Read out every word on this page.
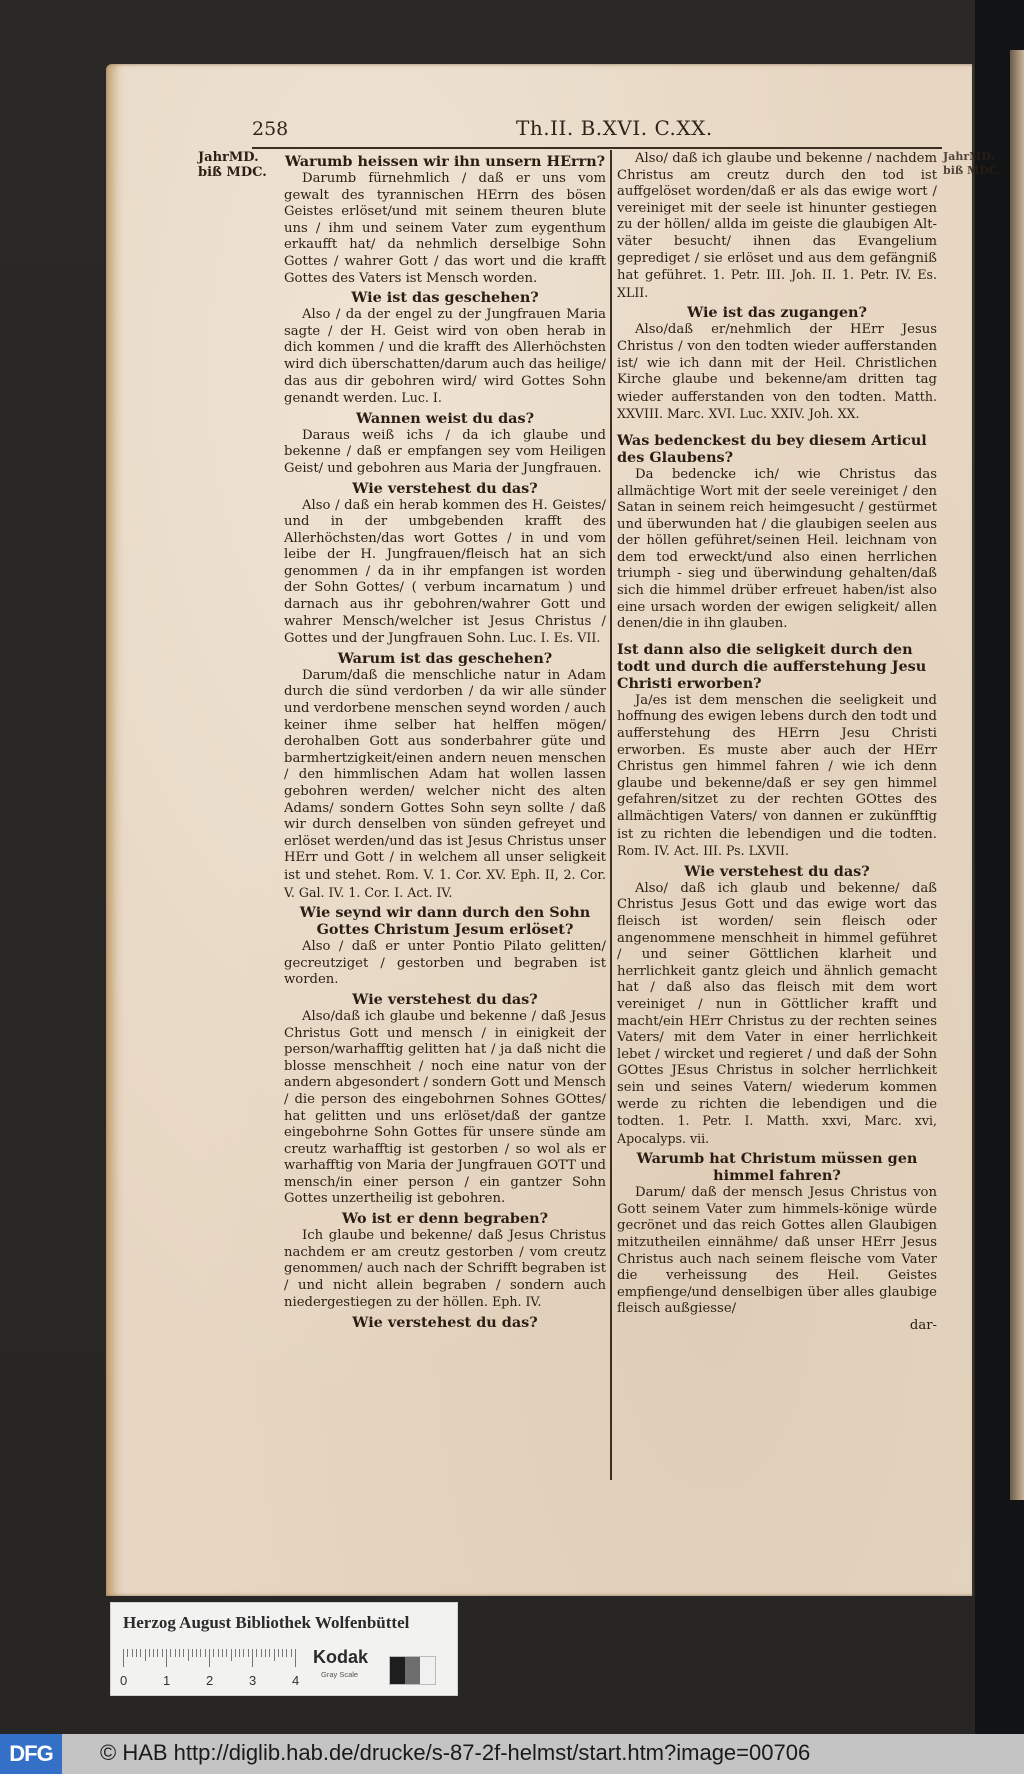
258	Th.II. B.XVI. C.XX.
JahrMD.
biß MDC.
JahrMD.
biß MDC.
Warumb heissen wir ihn unsern HErrn?
Darumb fürnehmlich / daß er uns vom gewalt des tyrannischen HErrn des bösen Geistes erlöset/und mit seinem theuren blute uns / ihm und seinem Vater zum eygenthum erkaufft hat/ da nehmlich derselbige Sohn Gottes / wahrer Gott / das wort und die krafft Gottes des Vaters ist Mensch worden.
Wie ist das geschehen?
Also / da der engel zu der Jungfrauen Maria sagte / der H. Geist wird von oben herab in dich kommen / und die krafft des Allerhöchsten wird dich überschatten/darum auch das heilige/ das aus dir gebohren wird/ wird Gottes Sohn genandt werden. Luc. I.
Wannen weist du das?
Daraus weiß ichs / da ich glaube und bekenne / daß er empfangen sey vom Heiligen Geist/ und gebohren aus Maria der Jungfrauen.
Wie verstehest du das?
Also / daß ein herab kommen des H. Geistes/ und in der umbgebenden krafft des Allerhöchsten/das wort Gottes / in und vom leibe der H. Jungfrauen/fleisch hat an sich genommen / da in ihr empfangen ist worden der Sohn Gottes/ ( verbum incarnatum ) und darnach aus ihr gebohren/wahrer Gott und wahrer Mensch/welcher ist Jesus Christus / Gottes und der Jungfrauen Sohn. Luc. I. Es. VII.
Warum ist das geschehen?
Darum/daß die menschliche natur in Adam durch die sünd verdorben / da wir alle sünder und verdorbene menschen seynd worden / auch keiner ihme selber hat helffen mögen/ derohalben Gott aus sonderbahrer güte und barmhertzigkeit/einen andern neuen menschen / den himmlischen Adam hat wollen lassen gebohren werden/ welcher nicht des alten Adams/ sondern Gottes Sohn seyn sollte / daß wir durch denselben von sünden gefreyet und erlöset werden/und das ist Jesus Christus unser HErr und Gott / in welchem all unser seligkeit ist und stehet. Rom. V. 1. Cor. XV. Eph. II, 2. Cor. V. Gal. IV. 1. Cor. I. Act. IV.
Wie seynd wir dann durch den Sohn Gottes Christum Jesum erlöset?
Also / daß er unter Pontio Pilato gelitten/ gecreutziget / gestorben und begraben ist worden.
Wie verstehest du das?
Also/daß ich glaube und bekenne / daß Jesus Christus Gott und mensch / in einigkeit der person/warhafftig gelitten hat / ja daß nicht die blosse menschheit / noch eine natur von der andern abgesondert / sondern Gott und Mensch / die person des eingebohrnen Sohnes GOttes/ hat gelitten und uns erlöset/daß der gantze eingebohrne Sohn Gottes für unsere sünde am creutz warhafftig ist gestorben / so wol als er warhafftig von Maria der Jungfrauen GOTT und mensch/in einer person / ein gantzer Sohn Gottes unzertheilig ist gebohren.
Wo ist er denn begraben?
Ich glaube und bekenne/ daß Jesus Christus nachdem er am creutz gestorben / vom creutz genommen/ auch nach der Schrifft begraben ist / und nicht allein begraben / sondern auch niedergestiegen zu der höllen. Eph. IV.
Wie verstehest du das?
Also/ daß ich glaube und bekenne / nachdem Christus am creutz durch den tod ist auffgelöset worden/daß er als das ewige wort / vereiniget mit der seele ist hinunter gestiegen zu der höllen/ allda im geiste die glaubigen Alt-väter besucht/ ihnen das Evangelium geprediget / sie erlöset und aus dem gefängniß hat geführet. 1. Petr. III. Joh. II. 1. Petr. IV. Es. XLII.
Wie ist das zugangen?
Also/daß er/nehmlich der HErr Jesus Christus / von den todten wieder aufferstanden ist/ wie ich dann mit der Heil. Christlichen Kirche glaube und bekenne/am dritten tag wieder aufferstanden von den todten. Matth. XXVIII. Marc. XVI. Luc. XXIV. Joh. XX.
Was bedenckest du bey diesem Articul des Glaubens?
Da bedencke ich/ wie Christus das allmächtige Wort mit der seele vereiniget / den Satan in seinem reich heimgesucht / gestürmet und überwunden hat / die glaubigen seelen aus der höllen geführet/seinen Heil. leichnam von dem tod erweckt/und also einen herrlichen triumph - sieg und überwindung gehalten/daß sich die himmel drüber erfreuet haben/ist also eine ursach worden der ewigen seligkeit/ allen denen/die in ihn glauben.
Ist dann also die seligkeit durch den todt und durch die aufferstehung Jesu Christi erworben?
Ja/es ist dem menschen die seeligkeit und hoffnung des ewigen lebens durch den todt und aufferstehung des HErrn Jesu Christi erworben. Es muste aber auch der HErr Christus gen himmel fahren / wie ich denn glaube und bekenne/daß er sey gen himmel gefahren/sitzet zu der rechten GOttes des allmächtigen Vaters/ von dannen er zukünfftig ist zu richten die lebendigen und die todten. Rom. IV. Act. III. Ps. LXVII.
Wie verstehest du das?
Also/ daß ich glaub und bekenne/ daß Christus Jesus Gott und das ewige wort das fleisch ist worden/ sein fleisch oder angenommene menschheit in himmel geführet / und seiner Göttlichen klarheit und herrlichkeit gantz gleich und ähnlich gemacht hat / daß also das fleisch mit dem wort vereiniget / nun in Göttlicher krafft und macht/ein HErr Christus zu der rechten seines Vaters/ mit dem Vater in einer herrlichkeit lebet / wircket und regieret / und daß der Sohn GOttes JEsus Christus in solcher herrlichkeit sein und seines Vatern/ wiederum kommen werde zu richten die lebendigen und die todten. 1. Petr. I. Matth. xxvi, Marc. xvi, Apocalyps. vii.
Warumb hat Christum müssen gen himmel fahren?
Darum/ daß der mensch Jesus Christus von Gott seinem Vater zum himmels-könige würde gecrönet und das reich Gottes allen Glaubigen mitzutheilen einnähme/ daß unser HErr Jesus Christus auch nach seinem fleische vom Vater die verheissung des Heil. Geistes empfienge/und denselbigen über alles glaubige fleisch außgiesse/
dar-
Herzog August Bibliothek Wolfenbüttel
0	1	2	3	4
Kodak
Gray Scale
DFG	© HAB http://diglib.hab.de/drucke/s-87-2f-helmst/start.htm?image=00706
